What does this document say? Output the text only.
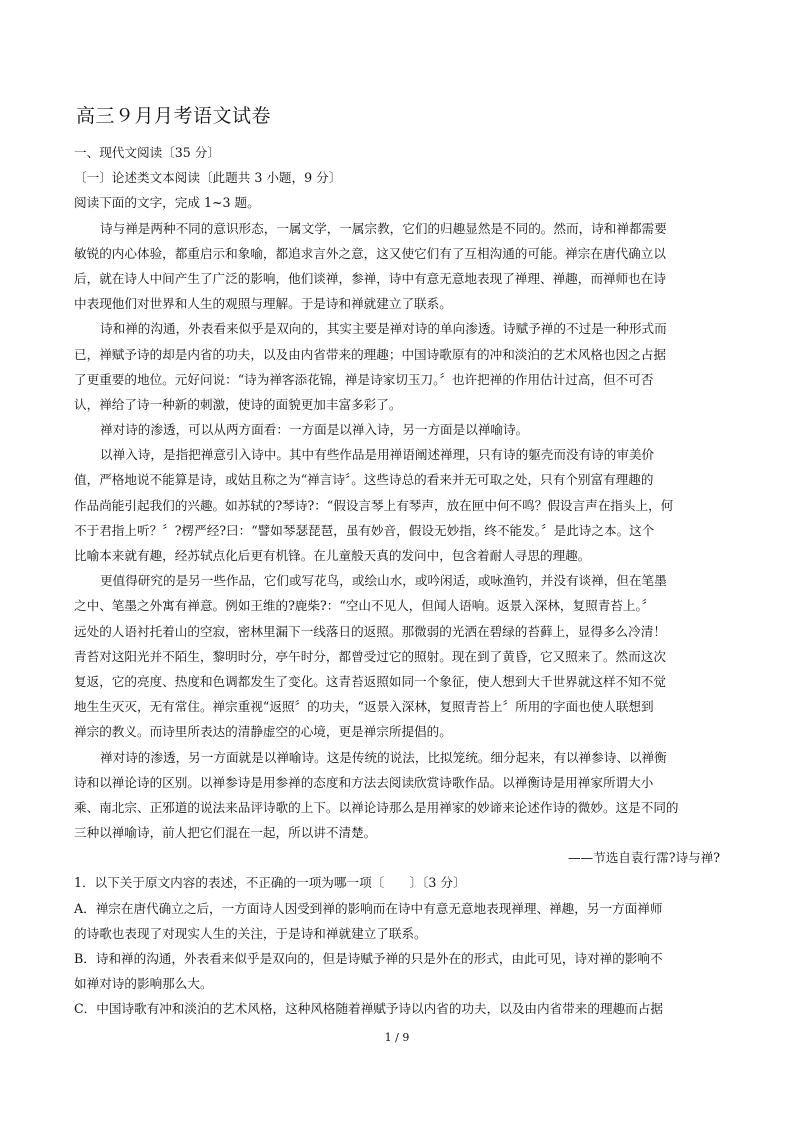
高三９月月考语文试卷
一、现代文阅读〔35 分〕
〔一〕论述类文本阅读〔此题共 3 小题，9 分〕
阅读下面的文字，完成 1~3 题。
诗与禅是两种不同的意识形态，一属文学，一属宗教，它们的归趣显然是不同的。然而，诗和禅都需要
敏锐的内心体验，都重启示和象喻，都追求言外之意，这又使它们有了互相沟通的可能。禅宗在唐代确立以
后，就在诗人中间产生了广泛的影响，他们谈禅，参禅，诗中有意无意地表现了禅理、禅趣，而禅师也在诗
中表现他们对世界和人生的观照与理解。于是诗和禅就建立了联系。
诗和禅的沟通，外表看来似乎是双向的，其实主要是禅对诗的单向渗透。诗赋予禅的不过是一种形式而
已，禅赋予诗的却是内省的功夫，以及由内省带来的理趣；中国诗歌原有的冲和淡泊的艺术风格也因之占据
了更重要的地位。元好问说：“诗为禅客添花锦，禅是诗家切玉刀。〞也许把禅的作用估计过高，但不可否
认，禅给了诗一种新的刺激，使诗的面貌更加丰富多彩了。
禅对诗的渗透，可以从两方面看：一方面是以禅入诗，另一方面是以禅喻诗。
以禅入诗，是指把禅意引入诗中。其中有些作品是用禅语阐述禅理，只有诗的躯壳而没有诗的审美价
值，严格地说不能算是诗，或姑且称之为“禅言诗〞。这些诗总的看来并无可取之处，只有个别富有理趣的
作品尚能引起我们的兴趣。如苏轼的?琴诗?：“假设言琴上有琴声，放在匣中何不鸣？假设言声在指头上，何
不于君指上听？〞?楞严经?曰：“譬如琴瑟琵琶，虽有妙音，假设无妙指，终不能发。〞是此诗之本。这个
比喻本来就有趣，经苏轼点化后更有机锋。在儿童般天真的发问中，包含着耐人寻思的理趣。
更值得研究的是另一些作品，它们或写花鸟，或绘山水，或吟闲适，或咏渔钓，并没有谈禅，但在笔墨
之中、笔墨之外寓有禅意。例如王维的?鹿柴?：“空山不见人，但闻人语响。返景入深林，复照青苔上。〞
远处的人语衬托着山的空寂，密林里漏下一线落日的返照。那微弱的光洒在碧绿的苔藓上，显得多么冷清！
青苔对这阳光并不陌生，黎明时分，亭午时分，都曾受过它的照射。现在到了黄昏，它又照来了。然而这次
复返，它的亮度、热度和色调都发生了变化。这青苔返照如同一个象征，使人想到大千世界就这样不知不觉
地生生灭灭，无有常住。禅宗重视“返照〞的功夫，“返景入深林，复照青苔上〞所用的字面也使人联想到
禅宗的教义。而诗里所表达的清静虚空的心境，更是禅宗所提倡的。
禅对诗的渗透，另一方面就是以禅喻诗。这是传统的说法，比拟笼统。细分起来，有以禅参诗、以禅衡
诗和以禅论诗的区别。以禅参诗是用参禅的态度和方法去阅读欣赏诗歌作品。以禅衡诗是用禅家所谓大小
乘、南北宗、正邪道的说法来品评诗歌的上下。以禅论诗那么是用禅家的妙谛来论述作诗的微妙。这是不同的
三种以禅喻诗，前人把它们混在一起，所以讲不清楚。
——节选自袁行霈?诗与禅?
1．以下关于原文内容的表述，不正确的一项为哪一项〔　　〕〔3 分〕
A．禅宗在唐代确立之后，一方面诗人因受到禅的影响而在诗中有意无意地表现禅理、禅趣，另一方面禅师
的诗歌也表现了对现实人生的关注，于是诗和禅就建立了联系。
B．诗和禅的沟通，外表看来似乎是双向的，但是诗赋予禅的只是外在的形式，由此可见，诗对禅的影响不
如禅对诗的影响那么大。
C．中国诗歌有冲和淡泊的艺术风格，这种风格随着禅赋予诗以内省的功夫，以及由内省带来的理趣而占据
1 / 9
